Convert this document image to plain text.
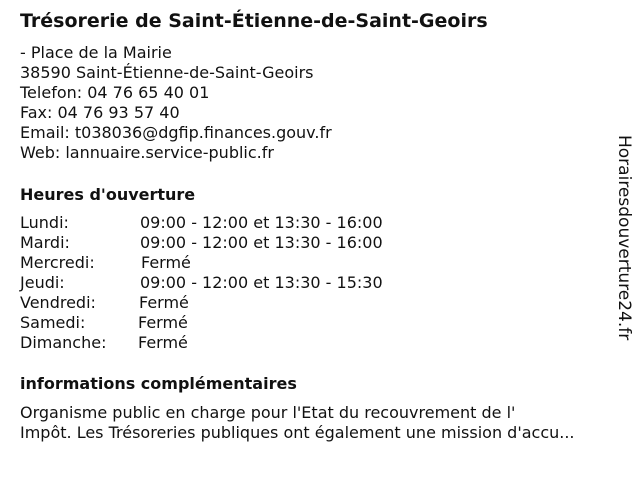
Trésorerie de Saint-Étienne-de-Saint-Geoirs
- Place de la Mairie
38590 Saint-Étienne-de-Saint-Geoirs
Telefon: 04 76 65 40 01
Fax: 04 76 93 57 40
Email: t038036@dgfip.finances.gouv.fr
Web: lannuaire.service-public.fr
Heures d'ouverture
Lundi:	09:00 - 12:00 et 13:30 - 16:00
Mardi:	09:00 - 12:00 et 13:30 - 16:00
Mercredi:	Fermé
Jeudi:	09:00 - 12:00 et 13:30 - 15:30
Vendredi:	Fermé
Samedi:	Fermé
Dimanche: Fermé
informations complémentaires
Organisme public en charge pour l'Etat du recouvrement de l'
Impôt. Les Trésoreries publiques ont également une mission d'accu...
Horairesdouverture24.fr
